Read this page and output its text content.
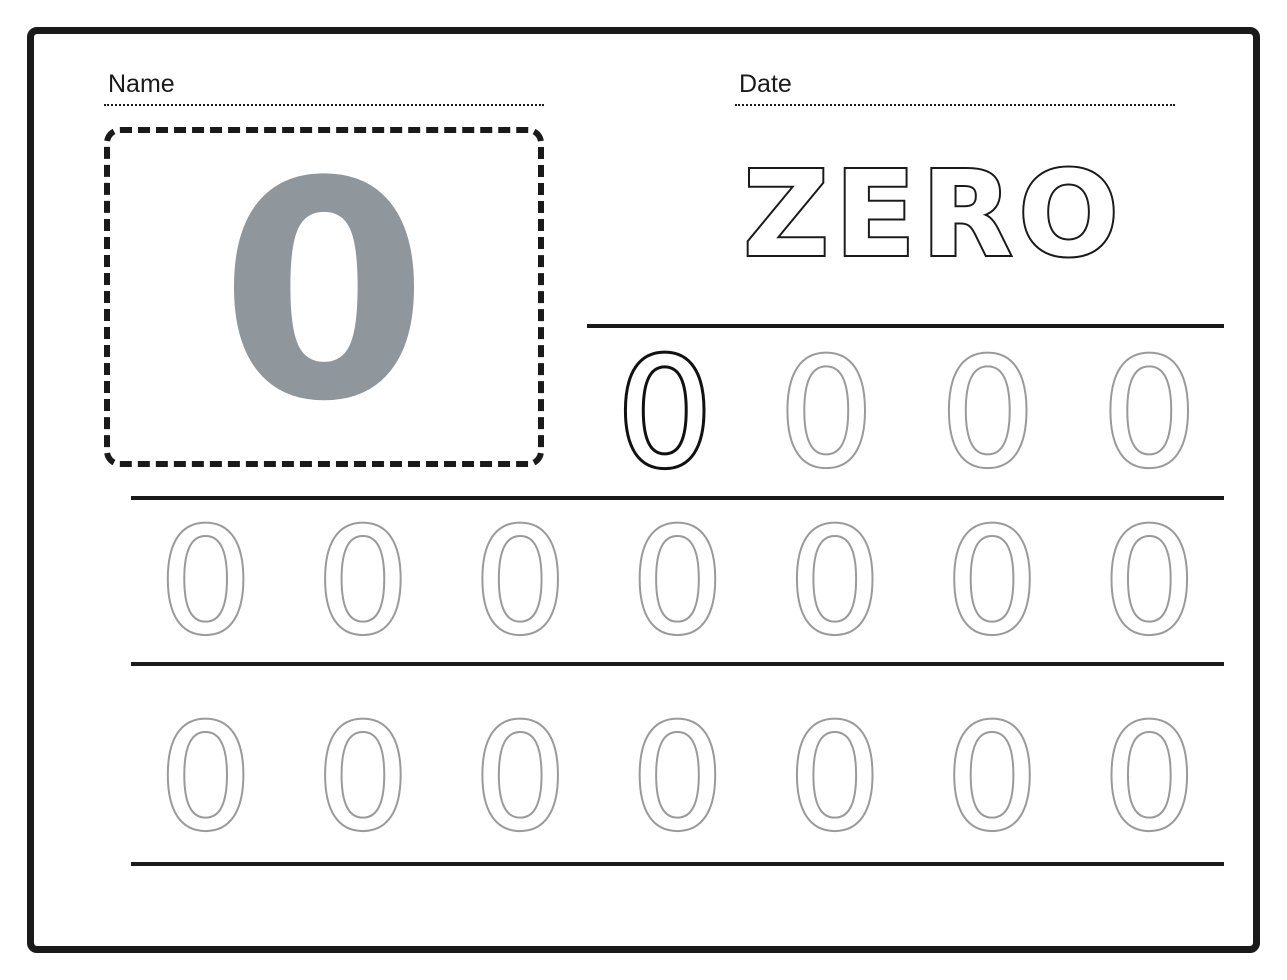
Name	Date
0	ZERO
0 0 0 0
0 0 0 0 0 0 0
0 0 0 0 0 0 0
